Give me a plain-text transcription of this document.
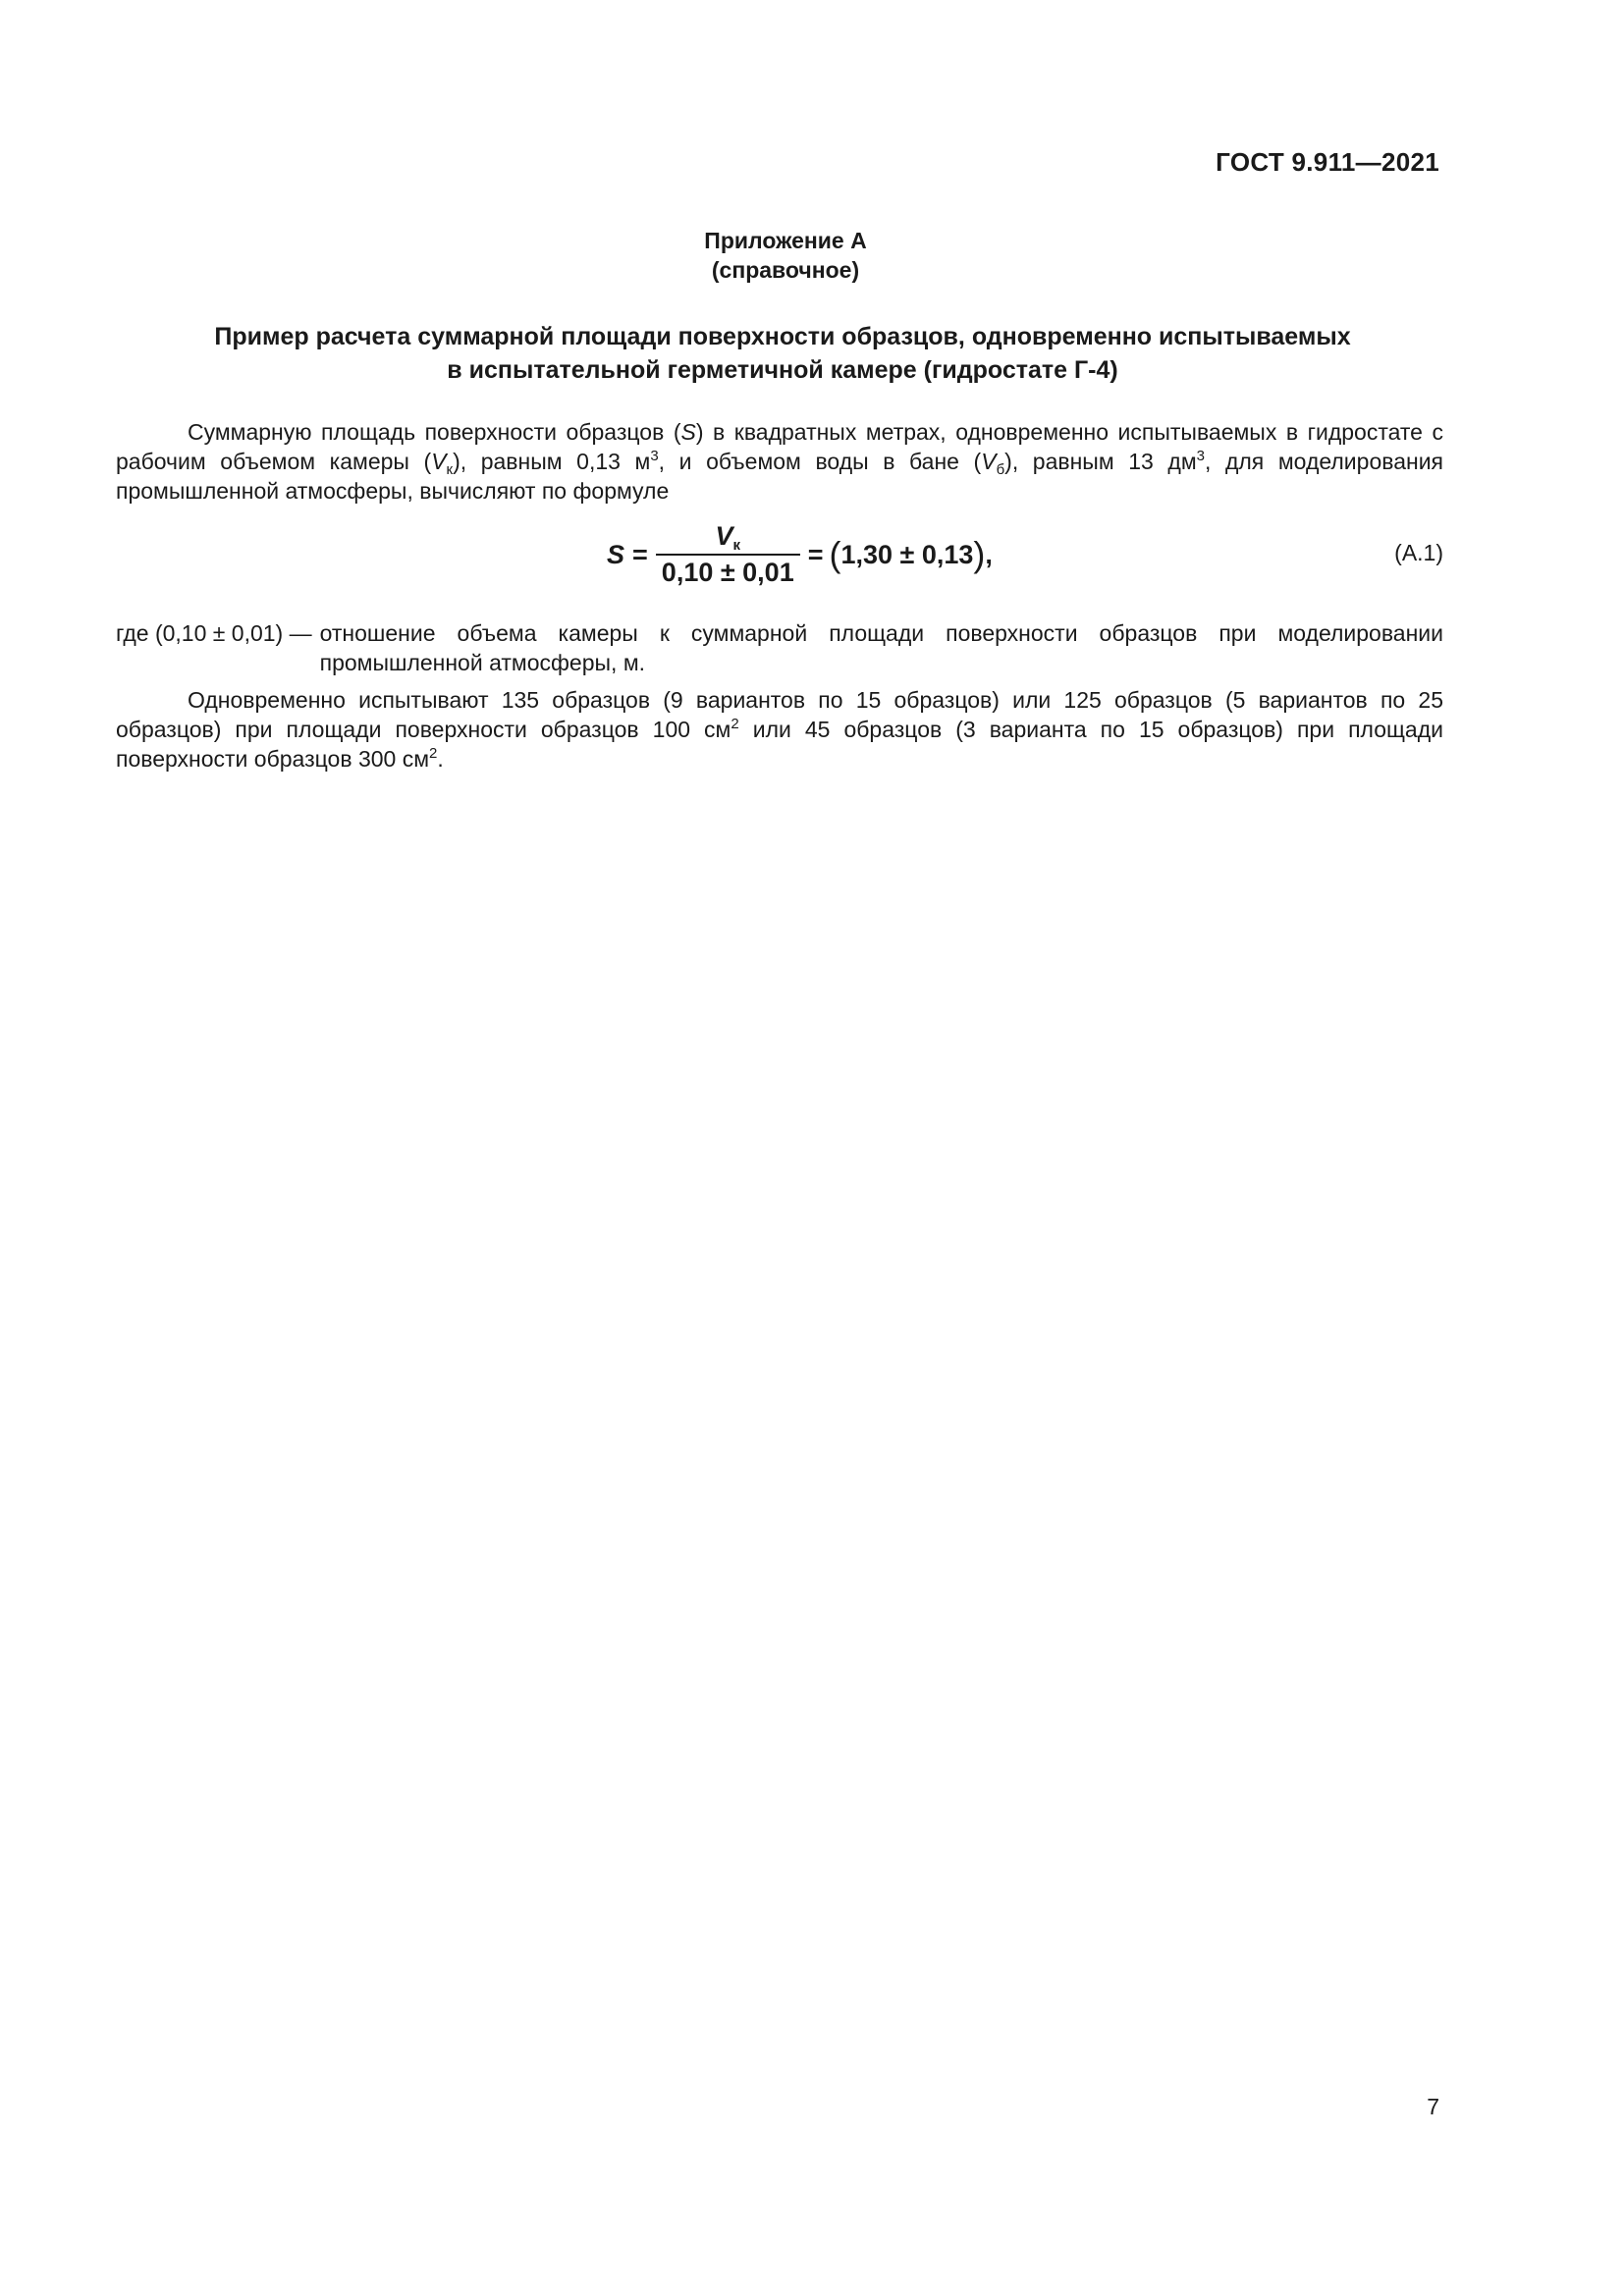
ГОСТ 9.911—2021
Приложение А
(справочное)
Пример расчета суммарной площади поверхности образцов, одновременно испытываемых
в испытательной герметичной камере (гидростате Г-4)
Суммарную площадь поверхности образцов (S) в квадратных метрах, одновременно испытываемых в гидростате с рабочим объемом камеры $(V_к)$, равным 0,13 $м^3$, и объемом воды в бане $(V_б)$, равным 13 $дм^3$, для моделирования промышленной атмосферы, вычисляют по формуле
$S = \frac{V_к}{0,10 \pm 0,01}$ = ( 1,30 ± 0,13 ) ,	(А.1)
где (0,10 ± 0,01) — отношение объема камеры к суммарной площади поверхности образцов при моделировании промышленной атмосферы, м.
Одновременно испытывают 135 образцов (9 вариантов по 15 образцов) или 125 образцов (5 вариантов по 25 образцов) при площади поверхности образцов 100 $см^2$ или 45 образцов (3 варианта по 15 образцов) при площади поверхности образцов 300 $см^2$.
7
